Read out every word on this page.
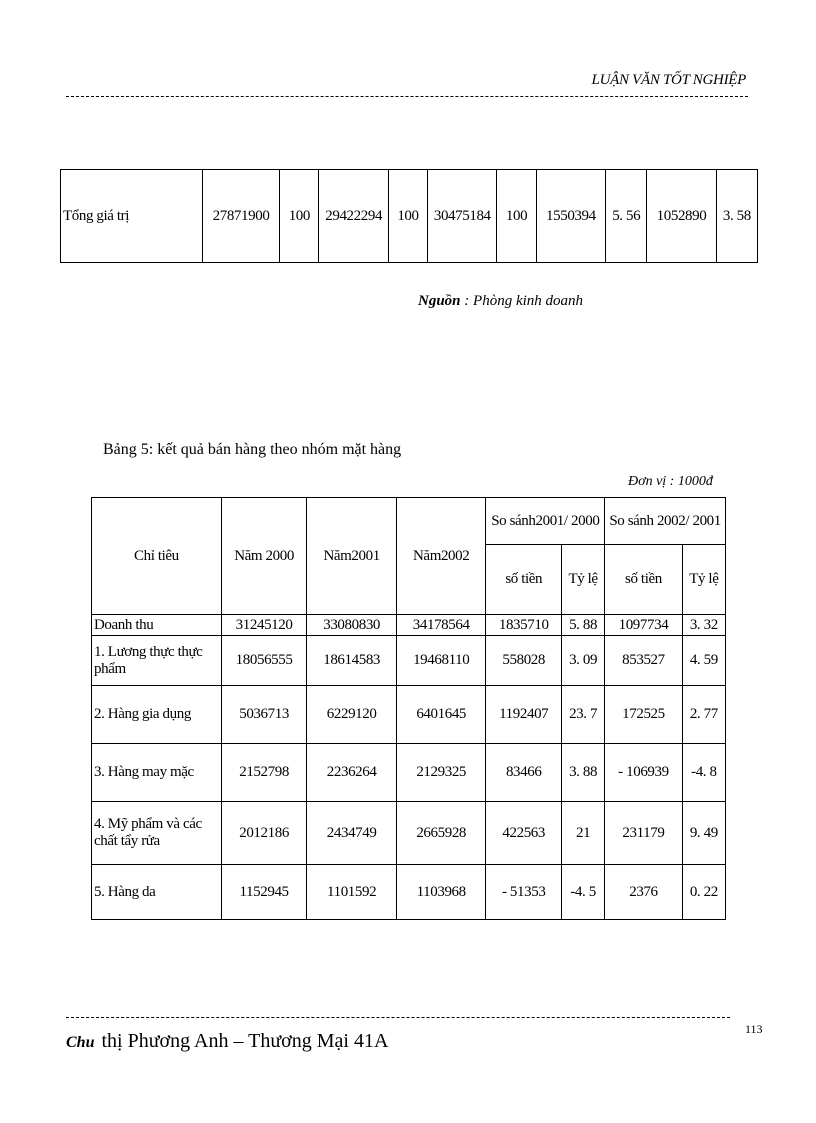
LUẬN VĂN TỐT NGHIỆP
Tổng giá trị	27871900	100	29422294	100	30475184	100	1550394	5. 56	1052890	3. 58
Nguồn : Phòng kinh doanh
Bảng 5: kết quả bán hàng theo nhóm mặt hàng
Đơn vị : 1000đ
Chỉ tiêu	Năm 2000	Năm2001	Năm2002	So sánh2001/ 2000		So sánh 2002/ 2001	
				số tiền	Tỷ lệ	số tiền	Tỷ lệ
Doanh thu	31245120	33080830	34178564	1835710	5. 88	1097734	3. 32
1. Lương thực thực phẩm	18056555	18614583	19468110	558028	3. 09	853527	4. 59
2. Hàng gia dụng	5036713	6229120	6401645	1192407	23. 7	172525	2. 77
3. Hàng may mặc	2152798	2236264	2129325	83466	3. 88	- 106939	-4. 8
4. Mỹ phẩm và các chất tẩy rửa	2012186	2434749	2665928	422563	21	231179	9. 49
5. Hàng da	1152945	1101592	1103968	- 51353	-4. 5	2376	0. 22
Chu thị Phương Anh – Thương Mại 41A
113
